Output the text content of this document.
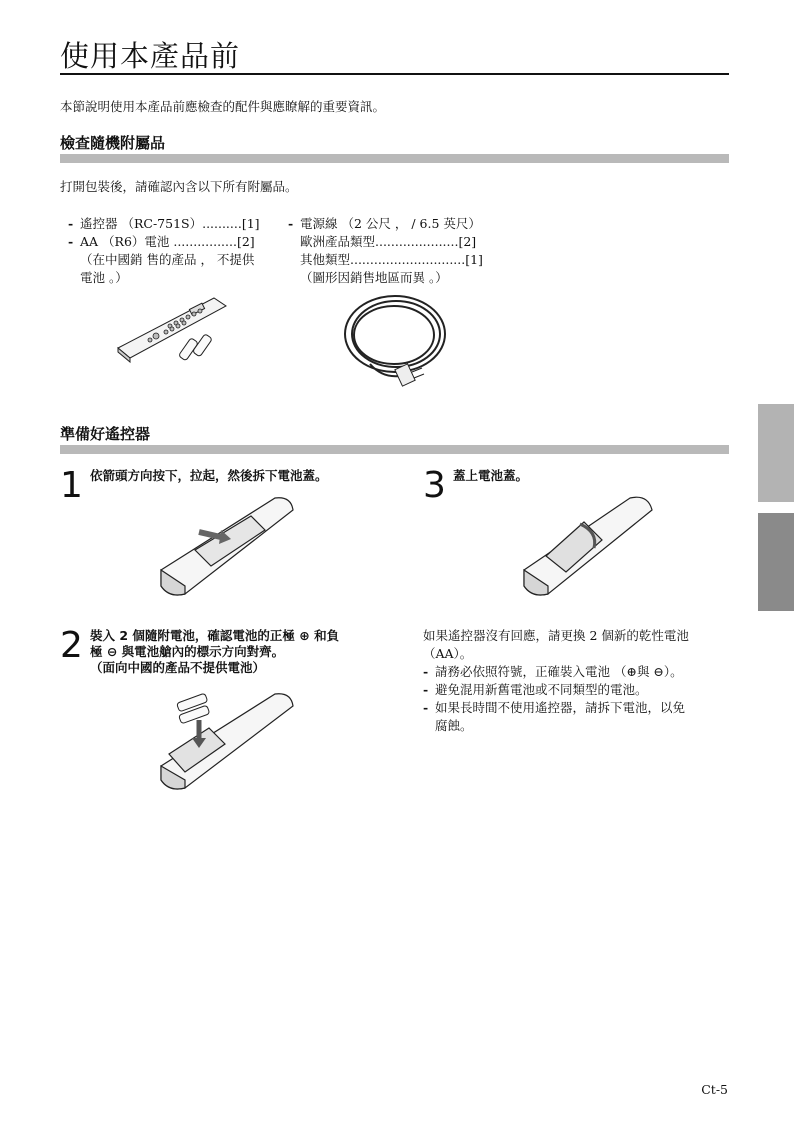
使用本產品前
本節說明使用本產品前應檢查的配件與應瞭解的重要資訊。
檢查隨機附屬品
打開包裝後，請確認內含以下所有附屬品。
- 遙控器 （RC-751S）..........[1]
- AA （R6）電池 ................[2]
（在中國銷 售的產品 ， 不提供
電池 。）
- 電源線 （2 公尺 ， / 6.5 英尺）
歐洲產品類型.....................[2]
其他類型.............................[1]
（圖形因銷售地區而異 。）
準備好遙控器
1 依箭頭方向按下，拉起，然後拆下電池蓋。	3 蓋上電池蓋。
2 裝入 2 個隨附電池，確認電池的正極 ⊕ 和負
極 ⊖ 與電池艙內的標示方向對齊。
（面向中國的產品不提供電池）
如果遙控器沒有回應，請更換 2 個新的乾性電池
（AA）。
- 請務必依照符號，正確裝入電池 （⊕與 ⊖）。
- 避免混用新舊電池或不同類型的電池。
- 如果長時間不使用遙控器，請拆下電池，以免
腐蝕。
Ct-5
